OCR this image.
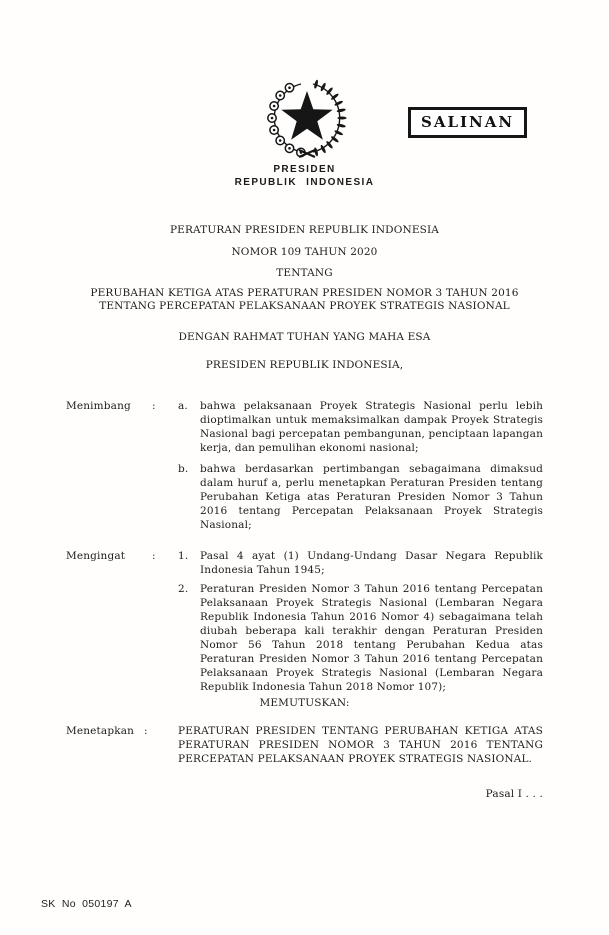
SALINAN
PRESIDEN
REPUBLIK INDONESIA
PERATURAN PRESIDEN REPUBLIK INDONESIA
NOMOR 109 TAHUN 2020
TENTANG
PERUBAHAN KETIGA ATAS PERATURAN PRESIDEN NOMOR 3 TAHUN 2016 TENTANG PERCEPATAN PELAKSANAAN PROYEK STRATEGIS NASIONAL
DENGAN RAHMAT TUHAN YANG MAHA ESA
PRESIDEN REPUBLIK INDONESIA,
Menimbang : a.	bahwa pelaksanaan Proyek Strategis Nasional perlu lebih dioptimalkan untuk memaksimalkan dampak Proyek Strategis Nasional bagi percepatan pembangunan, penciptaan lapangan kerja, dan pemulihan ekonomi nasional;
b.	bahwa berdasarkan pertimbangan sebagaimana dimaksud dalam huruf a, perlu menetapkan Peraturan Presiden tentang Perubahan Ketiga atas Peraturan Presiden Nomor 3 Tahun 2016 tentang Percepatan Pelaksanaan Proyek Strategis Nasional;
Mengingat	: 1.	Pasal 4 ayat (1) Undang-Undang Dasar Negara Republik Indonesia Tahun 1945;
2.	Peraturan Presiden Nomor 3 Tahun 2016 tentang Percepatan Pelaksanaan Proyek Strategis Nasional (Lembaran Negara Republik Indonesia Tahun 2016 Nomor 4) sebagaimana telah diubah beberapa kali terakhir dengan Peraturan Presiden Nomor 56 Tahun 2018 tentang Perubahan Kedua atas Peraturan Presiden Nomor 3 Tahun 2016 tentang Percepatan Pelaksanaan Proyek Strategis Nasional (Lembaran Negara Republik Indonesia Tahun 2018 Nomor 107);
MEMUTUSKAN:
Menetapkan :	PERATURAN PRESIDEN TENTANG PERUBAHAN KETIGA ATAS PERATURAN PRESIDEN NOMOR 3 TAHUN 2016 TENTANG PERCEPATAN PELAKSANAAN PROYEK STRATEGIS NASIONAL.
Pasal I . . .
SK No 050197 A
